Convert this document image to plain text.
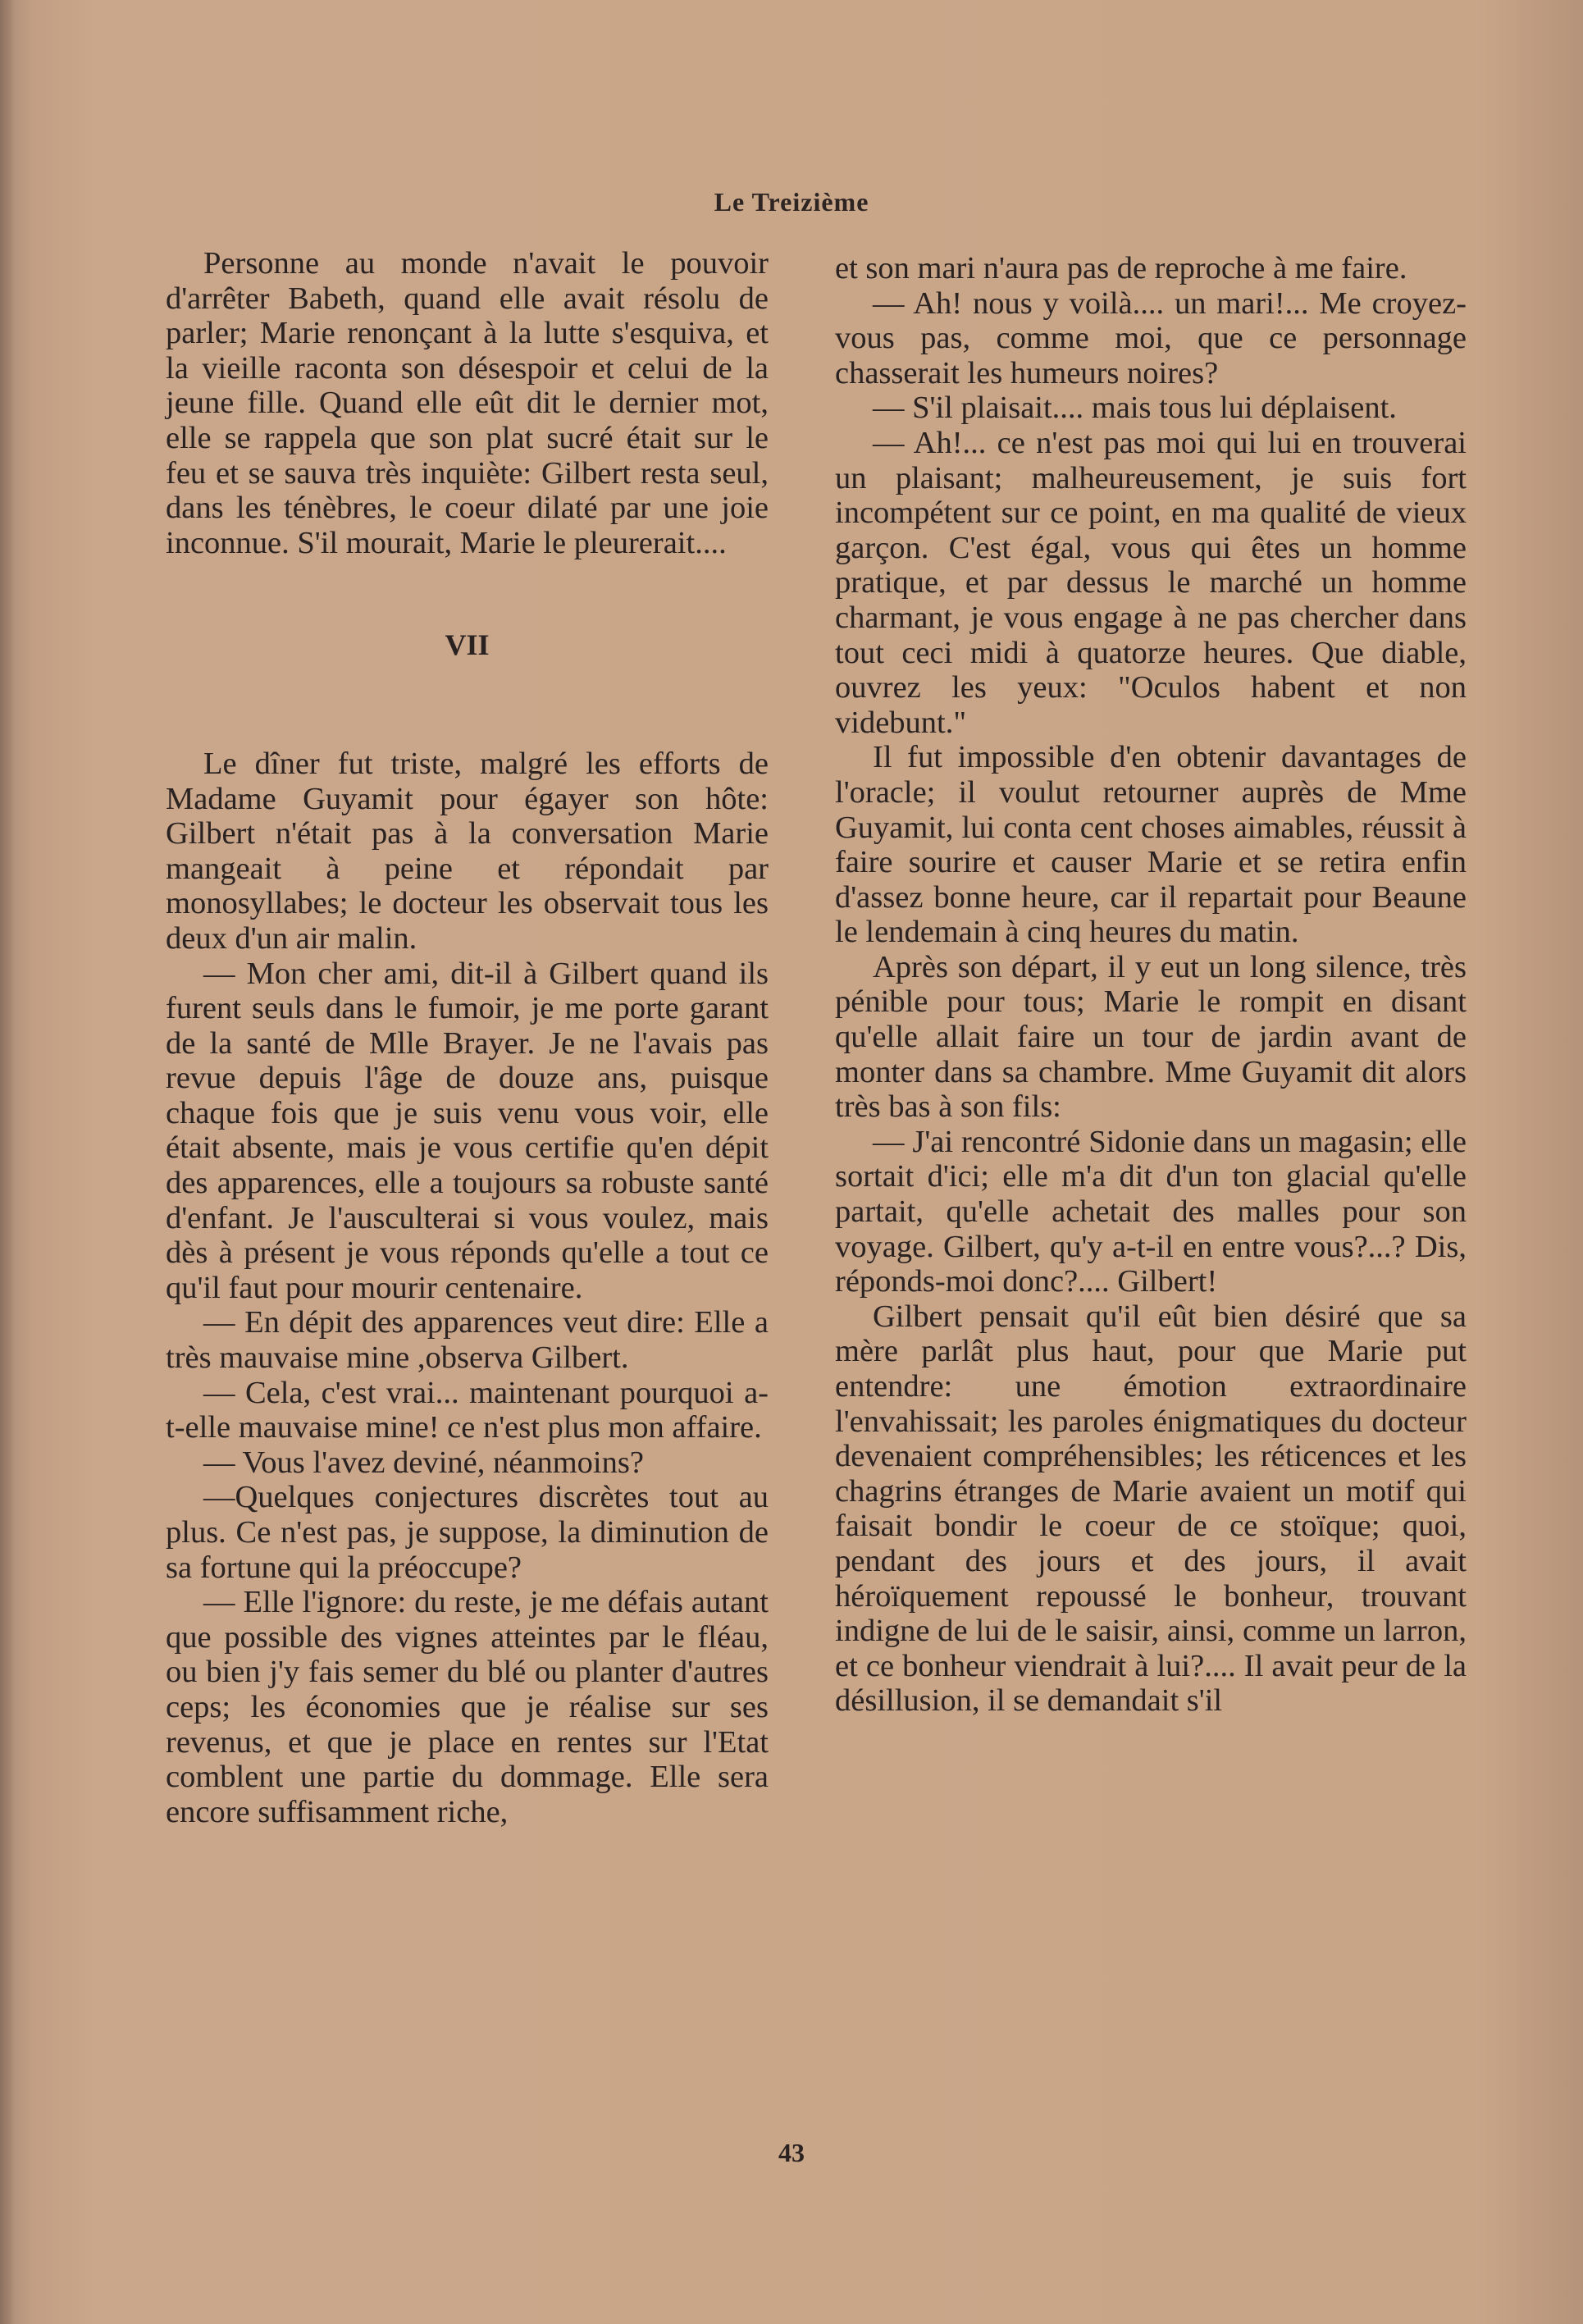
Le Treizième

Personne au monde n'avait le pouvoir d'arrêter Babeth, quand elle avait résolu de parler; Marie renonçant à la lutte s'esquiva, et la vieille raconta son désespoir et celui de la jeune fille. Quand elle eût dit le dernier mot, elle se rappela que son plat sucré était sur le feu et se sauva très inquiète: Gilbert resta seul, dans les ténèbres, le coeur dilaté par une joie inconnue. S'il mourait, Marie le pleurerait....

VII

Le dîner fut triste, malgré les efforts de Madame Guyamit pour égayer son hôte: Gilbert n'était pas à la conversation Marie mangeait à peine et répondait par monosyllabes; le docteur les observait tous les deux d'un air malin.

— Mon cher ami, dit-il à Gilbert quand ils furent seuls dans le fumoir, je me porte garant de la santé de Mlle Brayer. Je ne l'avais pas revue depuis l'âge de douze ans, puisque chaque fois que je suis venu vous voir, elle était absente, mais je vous certifie qu'en dépit des apparences, elle a toujours sa robuste santé d'enfant. Je l'ausculterai si vous voulez, mais dès à présent je vous réponds qu'elle a tout ce qu'il faut pour mourir centenaire.

— En dépit des apparences veut dire: Elle a très mauvaise mine ,observa Gilbert.

— Cela, c'est vrai... maintenant pourquoi a-t-elle mauvaise mine! ce n'est plus mon affaire.

— Vous l'avez deviné, néanmoins?

—Quelques conjectures discrètes tout au plus. Ce n'est pas, je suppose, la diminution de sa fortune qui la préoccupe?

— Elle l'ignore: du reste, je me défais autant que possible des vignes atteintes par le fléau, ou bien j'y fais semer du blé ou planter d'autres ceps; les économies que je réalise sur ses revenus, et que je place en rentes sur l'Etat comblent une partie du dommage. Elle sera encore suffisamment riche,

et son mari n'aura pas de reproche à me faire.

— Ah! nous y voilà.... un mari!... Me croyez-vous pas, comme moi, que ce personnage chasserait les humeurs noires?

— S'il plaisait.... mais tous lui déplaisent.

— Ah!... ce n'est pas moi qui lui en trouverai un plaisant; malheureusement, je suis fort incompétent sur ce point, en ma qualité de vieux garçon. C'est égal, vous qui êtes un homme pratique, et par dessus le marché un homme charmant, je vous engage à ne pas chercher dans tout ceci midi à quatorze heures. Que diable, ouvrez les yeux: "Oculos habent et non videbunt."

Il fut impossible d'en obtenir davantages de l'oracle; il voulut retourner auprès de Mme Guyamit, lui conta cent choses aimables, réussit à faire sourire et causer Marie et se retira enfin d'assez bonne heure, car il repartait pour Beaune le lendemain à cinq heures du matin.

Après son départ, il y eut un long silence, très pénible pour tous; Marie le rompit en disant qu'elle allait faire un tour de jardin avant de monter dans sa chambre. Mme Guyamit dit alors très bas à son fils:

— J'ai rencontré Sidonie dans un magasin; elle sortait d'ici; elle m'a dit d'un ton glacial qu'elle partait, qu'elle achetait des malles pour son voyage. Gilbert, qu'y a-t-il en entre vous?...? Dis, réponds-moi donc?.... Gilbert!

Gilbert pensait qu'il eût bien désiré que sa mère parlât plus haut, pour que Marie put entendre: une émotion extraordinaire l'envahissait; les paroles énigmatiques du docteur devenaient compréhensibles; les réticences et les chagrins étranges de Marie avaient un motif qui faisait bondir le coeur de ce stoïque; quoi, pendant des jours et des jours, il avait héroïquement repoussé le bonheur, trouvant indigne de lui de le saisir, ainsi, comme un larron, et ce bonheur viendrait à lui?.... Il avait peur de la désillusion, il se demandait s'il

43
